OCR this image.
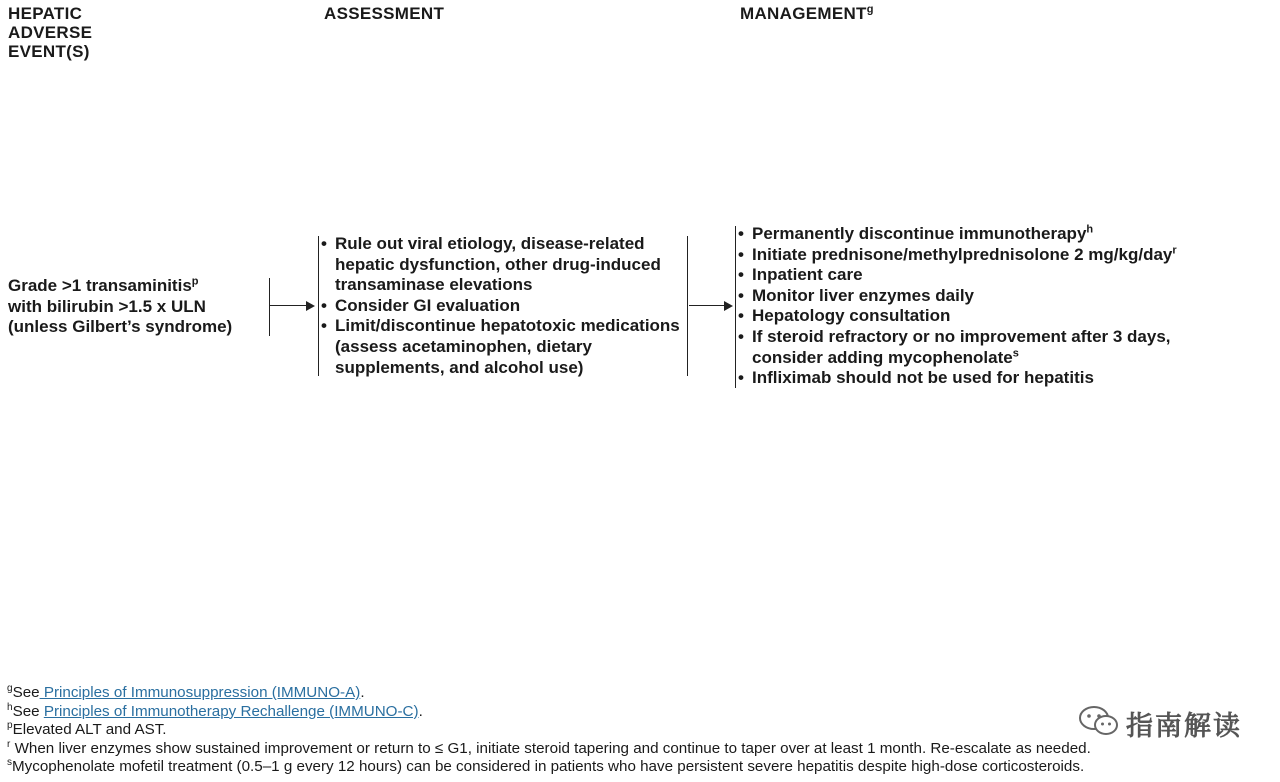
HEPATIC ADVERSE EVENT(S)
ASSESSMENT	MANAGEMENT$^g$
Grade >1 transaminitis$^p$
with bilirubin >1.5 x ULN
(unless Gilbert’s syndrome)
• Rule out viral etiology, disease-related hepatic dysfunction, other drug-induced transaminase elevations
• Consider GI evaluation
• Limit/discontinue hepatotoxic medications (assess acetaminophen, dietary supplements, and alcohol use)
• Permanently discontinue immunotherapy$^h$
• Initiate prednisone/methylprednisolone 2 mg/kg/day$^r$
• Inpatient care
• Monitor liver enzymes daily
• Hepatology consultation
• If steroid refractory or no improvement after 3 days, consider adding mycophenolate$^s$
• Infliximab should not be used for hepatitis
$^g$See Principles of Immunosuppression (IMMUNO-A).
$^h$See Principles of Immunotherapy Rechallenge (IMMUNO-C).
$^p$Elevated ALT and AST.
$^r$ When liver enzymes show sustained improvement or return to ≤ G1, initiate steroid tapering and continue to taper over at least 1 month. Re-escalate as needed.
$^s$Mycophenolate mofetil treatment (0.5–1 g every 12 hours) can be considered in patients who have persistent severe hepatitis despite high-dose corticosteroids.
指南解读
